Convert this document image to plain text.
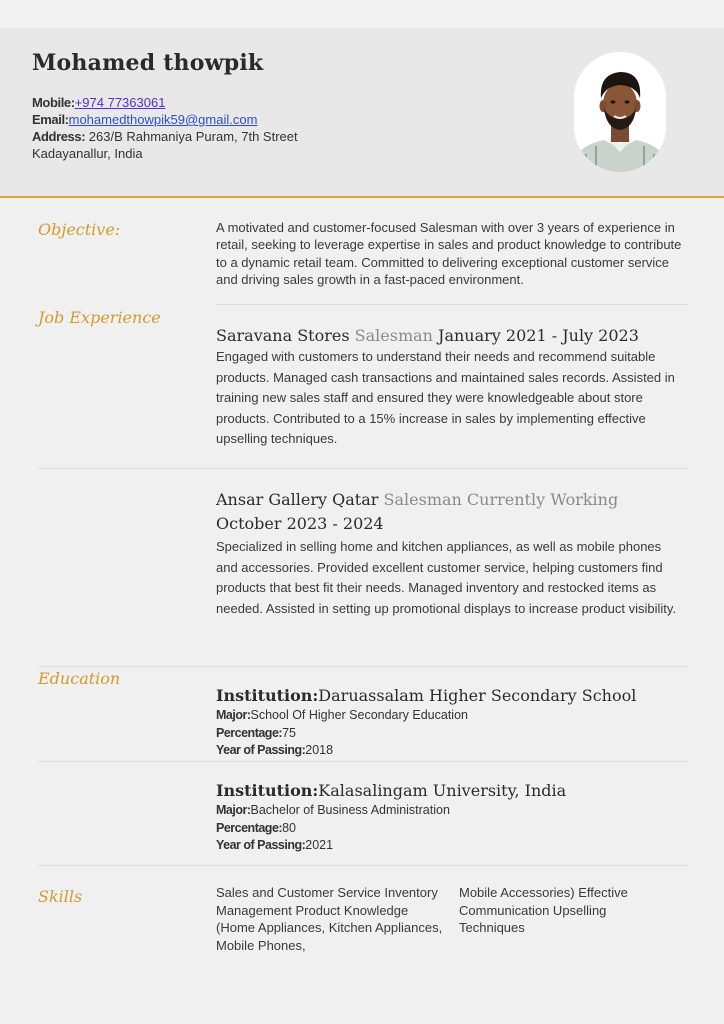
Mohamed thowpik
Mobile:+974 77363061
Email:mohamedthowpik59@gmail.com
Address: 263/B Rahmaniya Puram, 7th Street
Kadayanallur, India
Objective:	A motivated and customer-focused Salesman with over 3 years of experience in retail, seeking to leverage expertise in sales and product knowledge to contribute to a dynamic retail team. Committed to delivering exceptional customer service and driving sales growth in a fast-paced environment.
Job Experience
Saravana Stores Salesman January 2021 - July 2023
Engaged with customers to understand their needs and recommend suitable products. Managed cash transactions and maintained sales records. Assisted in training new sales staff and ensured they were knowledgeable about store products. Contributed to a 15% increase in sales by implementing effective upselling techniques.
Ansar Gallery Qatar Salesman Currently Working October 2023 - 2024
Specialized in selling home and kitchen appliances, as well as mobile phones and accessories. Provided excellent customer service, helping customers find products that best fit their needs. Managed inventory and restocked items as needed. Assisted in setting up promotional displays to increase product visibility.
Education
Institution:Daruassalam Higher Secondary School
Major:School Of Higher Secondary Education
Percentage:75
Year of Passing:2018
Institution:Kalasalingam University, India
Major:Bachelor of Business Administration
Percentage:80
Year of Passing:2021
Skills	Sales and Customer Service Inventory Management Product Knowledge (Home Appliances, Kitchen Appliances, Mobile Phones,
Mobile Accessories) Effective Communication Upselling Techniques
